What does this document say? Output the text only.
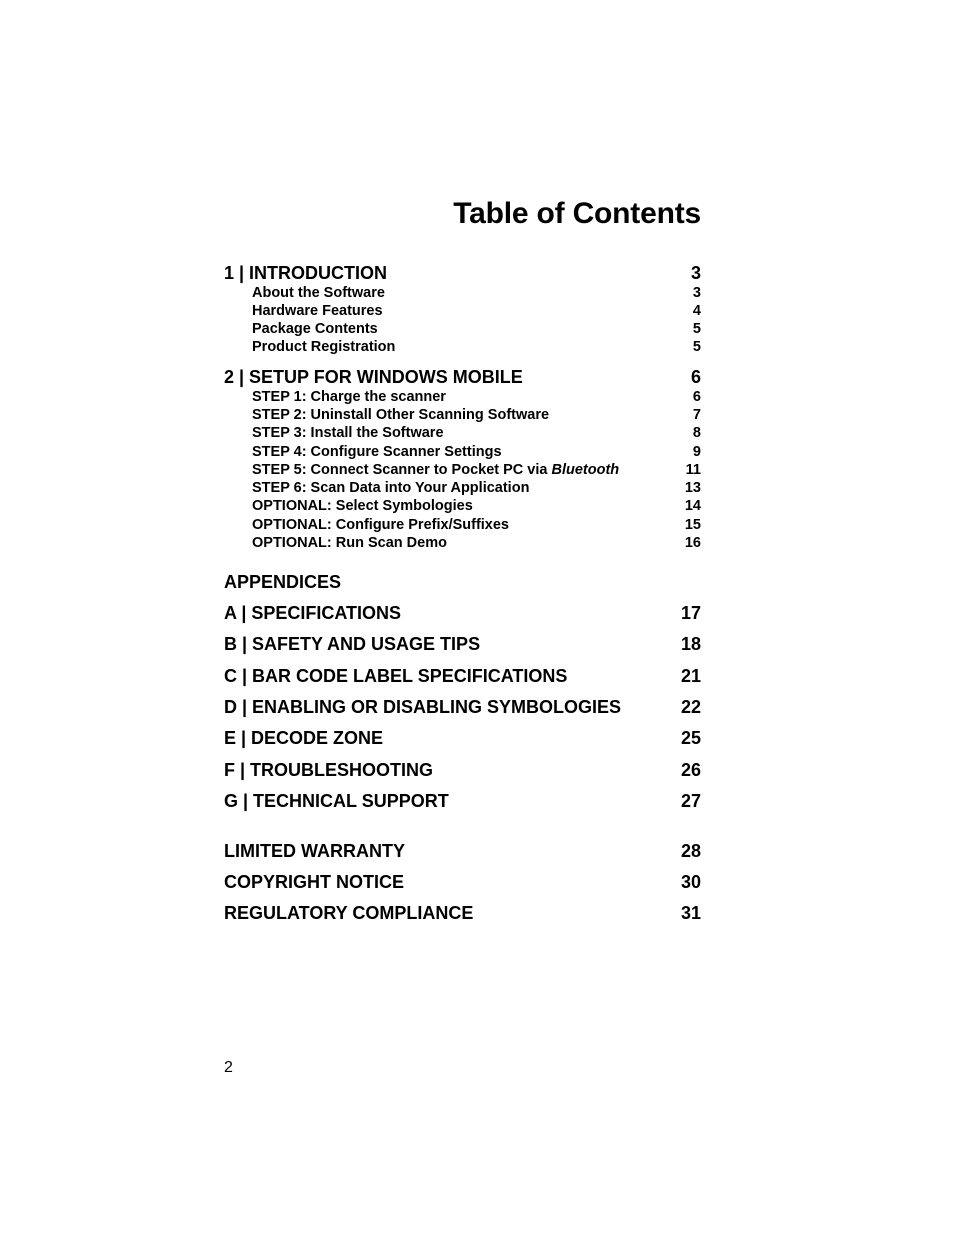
Table of Contents
1 | INTRODUCTION	3
About the Software	3
Hardware Features	4
Package Contents	5
Product Registration	5
2 | SETUP FOR WINDOWS MOBILE	6
STEP 1: Charge the scanner	6
STEP 2: Uninstall Other Scanning Software	7
STEP 3: Install the Software	8
STEP 4: Configure Scanner Settings	9
STEP 5: Connect Scanner to Pocket PC via Bluetooth	11
STEP 6: Scan Data into Your Application	13
OPTIONAL: Select Symbologies	14
OPTIONAL: Configure Prefix/Suffixes	15
OPTIONAL: Run Scan Demo	16
APPENDICES
A | SPECIFICATIONS	17
B | SAFETY AND USAGE TIPS	18
C | BAR CODE LABEL SPECIFICATIONS	21
D | ENABLING OR DISABLING SYMBOLOGIES	22
E | DECODE ZONE	25
F | TROUBLESHOOTING	26
G | TECHNICAL SUPPORT	27
LIMITED WARRANTY	28
COPYRIGHT NOTICE	30
REGULATORY COMPLIANCE	31
2
